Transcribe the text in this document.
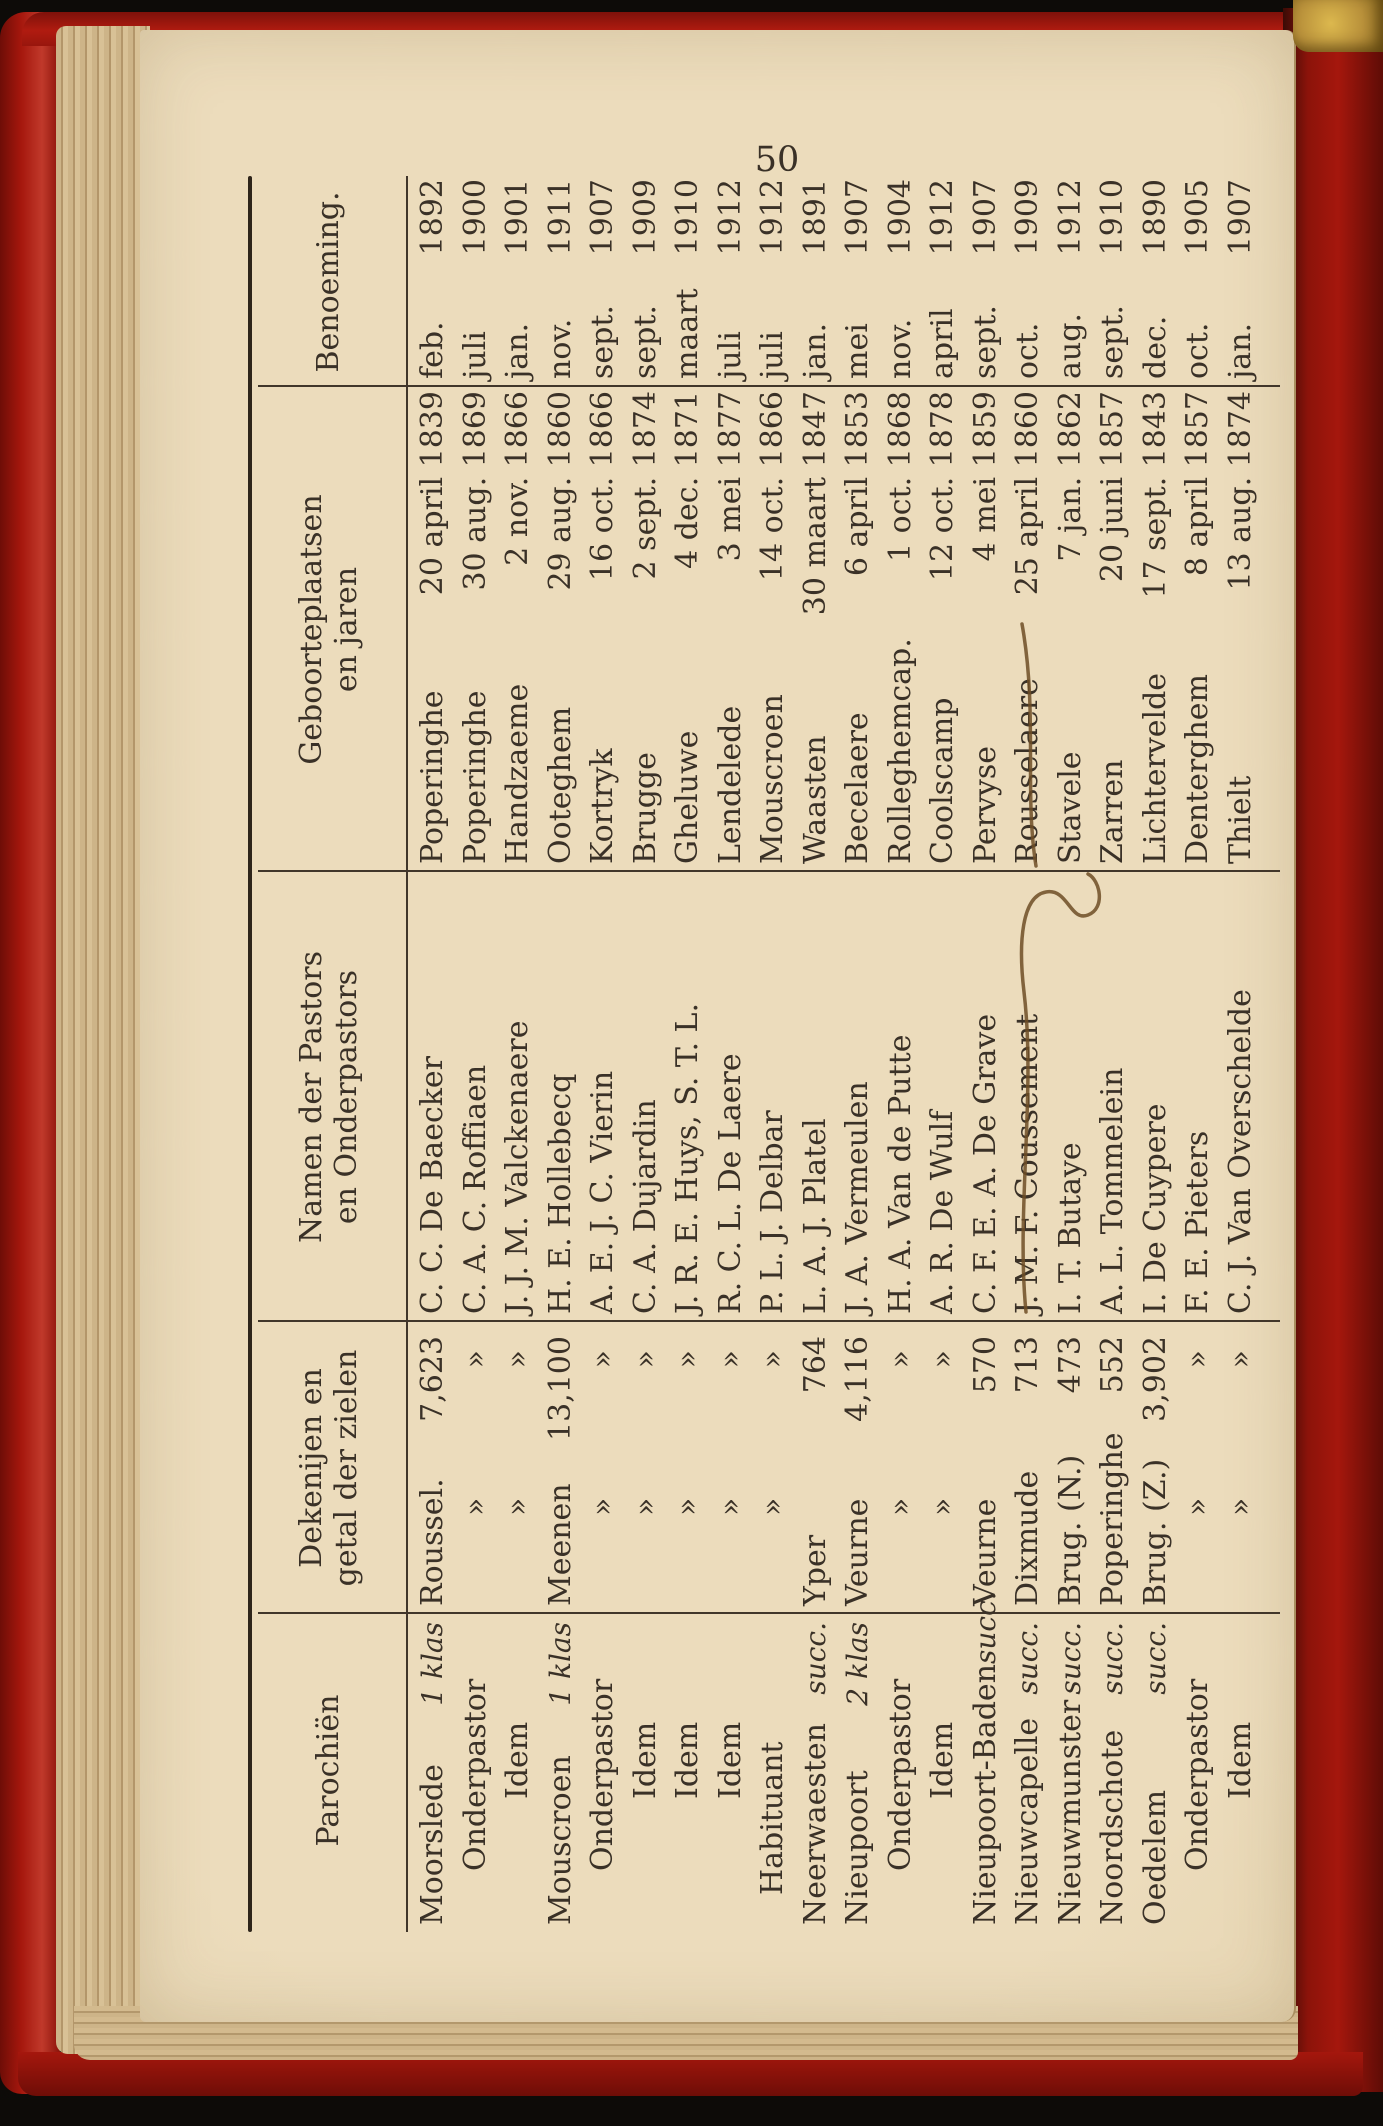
50
Parochiën
Dekenijen en getal der zielen
Namen der Pastors en Onderpastors
Geboorteplaatsen en jaren
Benoeming.
Moorslede
1 klas
Roussel.
7,623
C. C. De Baecker
Poperinghe
20 april 1839
feb.
1892
Onderpastor
»
»
C. A. C. Roffiaen
Poperinghe
30 aug. 1869
juli
1900
Idem
»
»
J. J. M. Valckenaere
Handzaeme
2 nov. 1866
jan.
1901
Mouscroen
1 klas
Meenen
13,100
H. E. Hollebecq
Ooteghem
29 aug. 1860
nov.
1911
Onderpastor
»
»
A. E. J. C. Vierin
Kortryk
16 oct. 1866
sept.
1907
Idem
»
»
C. A. Dujardin
Brugge
2 sept. 1874
sept.
1909
Idem
»
»
J. R. E. Huys, S. T. L.
Gheluwe
4 dec. 1871
maart
1910
Idem
»
»
R. C. L. De Laere
Lendelede
3 mei 1877
juli
1912
Habituant
»
»
P. L. J. Delbar
Mouscroen
14 oct. 1866
juli
1912
Neerwaesten
succ.
Yper
764
L. A. J. Platel
Waasten
30 maart 1847
jan.
1891
Nieupoort
2 klas
Veurne
4,116
J. A. Vermeulen
Becelaere
6 april 1853
mei
1907
Onderpastor
»
»
H. A. Van de Putte
Rolleghemcap.
1 oct. 1868
nov.
1904
Idem
»
»
A. R. De Wulf
Coolscamp
12 oct. 1878
april
1912
Nieupoort-Baden
succ.
Veurne
570
C. F. E. A. De Grave
Pervyse
4 mei 1859
sept.
1907
Nieuwcapelle
succ.
Dixmude
713
J. M. F. Coussement
Rousselaere
25 april 1860
oct.
1909
Nieuwmunster
succ.
Brug. (N.)
473
I. T. Butaye
Stavele
7 jan. 1862
aug.
1912
Noordschote
succ.
Poperinghe
552
A. L. Tommelein
Zarren
20 juni 1857
sept.
1910
Oedelem
succ.
Brug. (Z.)
3,902
I. De Cuypere
Lichtervelde
17 sept. 1843
dec.
1890
Onderpastor
»
»
F. E. Pieters
Denterghem
8 april 1857
oct.
1905
Idem
»
»
C. J. Van Overschelde
Thielt
13 aug. 1874
jan.
1907
